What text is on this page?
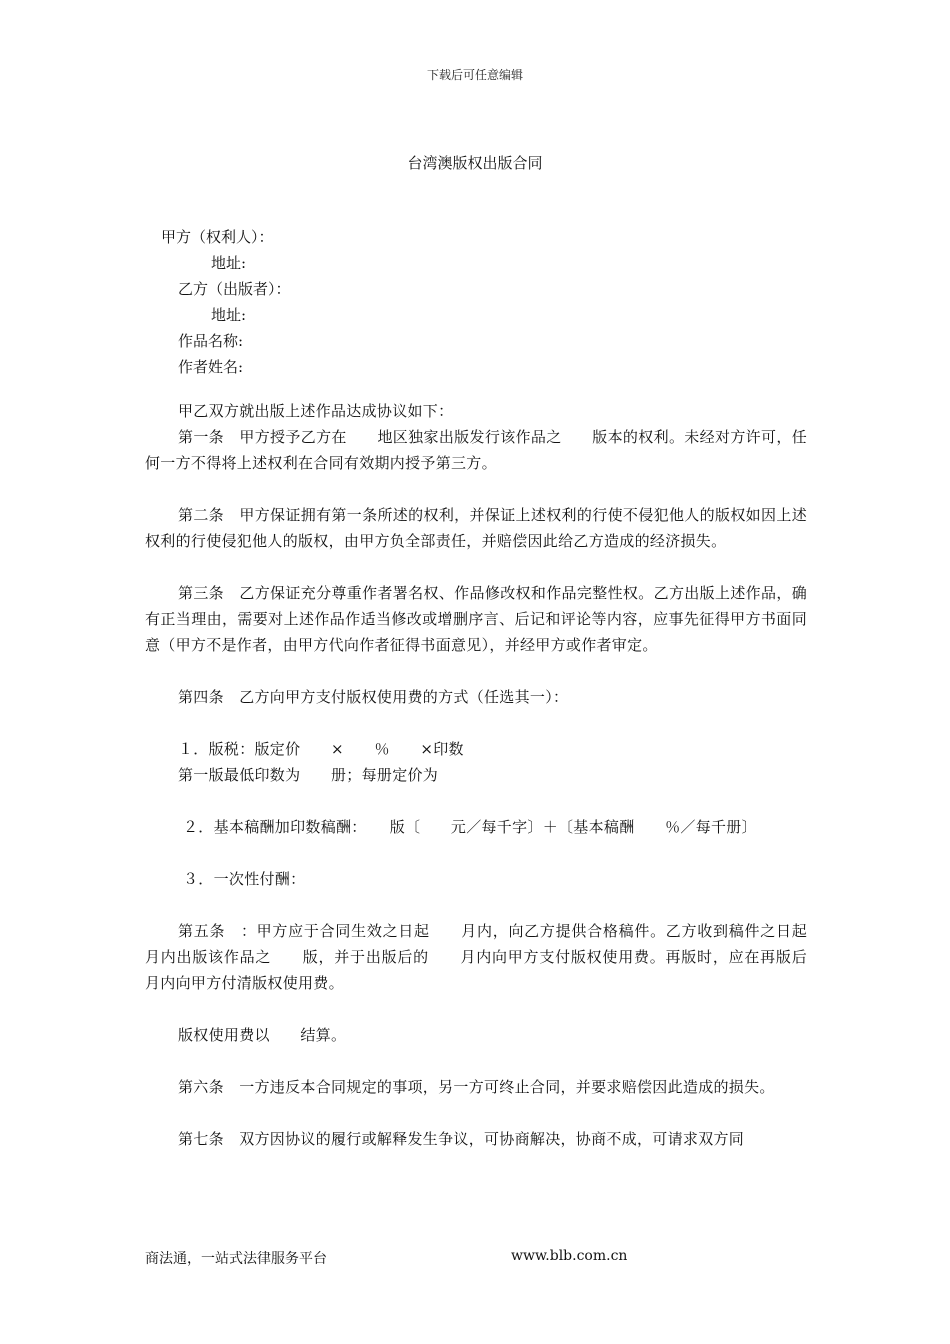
下载后可任意编辑
台湾澳版权出版合同
甲方（权利人）：
地址:
乙方（出版者）：
地址:
作品名称:
作者姓名:
甲乙双方就出版上述作品达成协议如下：
第一条　甲方授予乙方在　　地区独家出版发行该作品之　　版本的权利。未经对方许可，任何一方不得将上述权利在合同有效期内授予第三方。
第二条　甲方保证拥有第一条所述的权利，并保证上述权利的行使不侵犯他人的版权如因上述权利的行使侵犯他人的版权，由甲方负全部责任，并赔偿因此给乙方造成的经济损失。
第三条　乙方保证充分尊重作者署名权、作品修改权和作品完整性权。乙方出版上述作品，确有正当理由，需要对上述作品作适当修改或增删序言、后记和评论等内容，应事先征得甲方书面同意（甲方不是作者，由甲方代向作者征得书面意见），并经甲方或作者审定。
第四条　乙方向甲方支付版权使用费的方式（任选其一）：
１．版税：版定价　　×　　％　　×印数
第一版最低印数为　　册；每册定价为
２．基本稿酬加印数稿酬：　　版〔　　元／每千字〕＋〔基本稿酬　　％／每千册〕
３．一次性付酬：
第五条　：甲方应于合同生效之日起　　月内，向乙方提供合格稿件。乙方收到稿件之日起　　月内出版该作品之　　版，并于出版后的　　月内向甲方支付版权使用费。再版时，应在再版后　　月内向甲方付清版权使用费。
版权使用费以　　结算。
第六条　一方违反本合同规定的事项，另一方可终止合同，并要求赔偿因此造成的损失。
第七条　双方因协议的履行或解释发生争议，可协商解决，协商不成，可请求双方同
商法通，一站式法律服务平台	www.blb.com.cn
